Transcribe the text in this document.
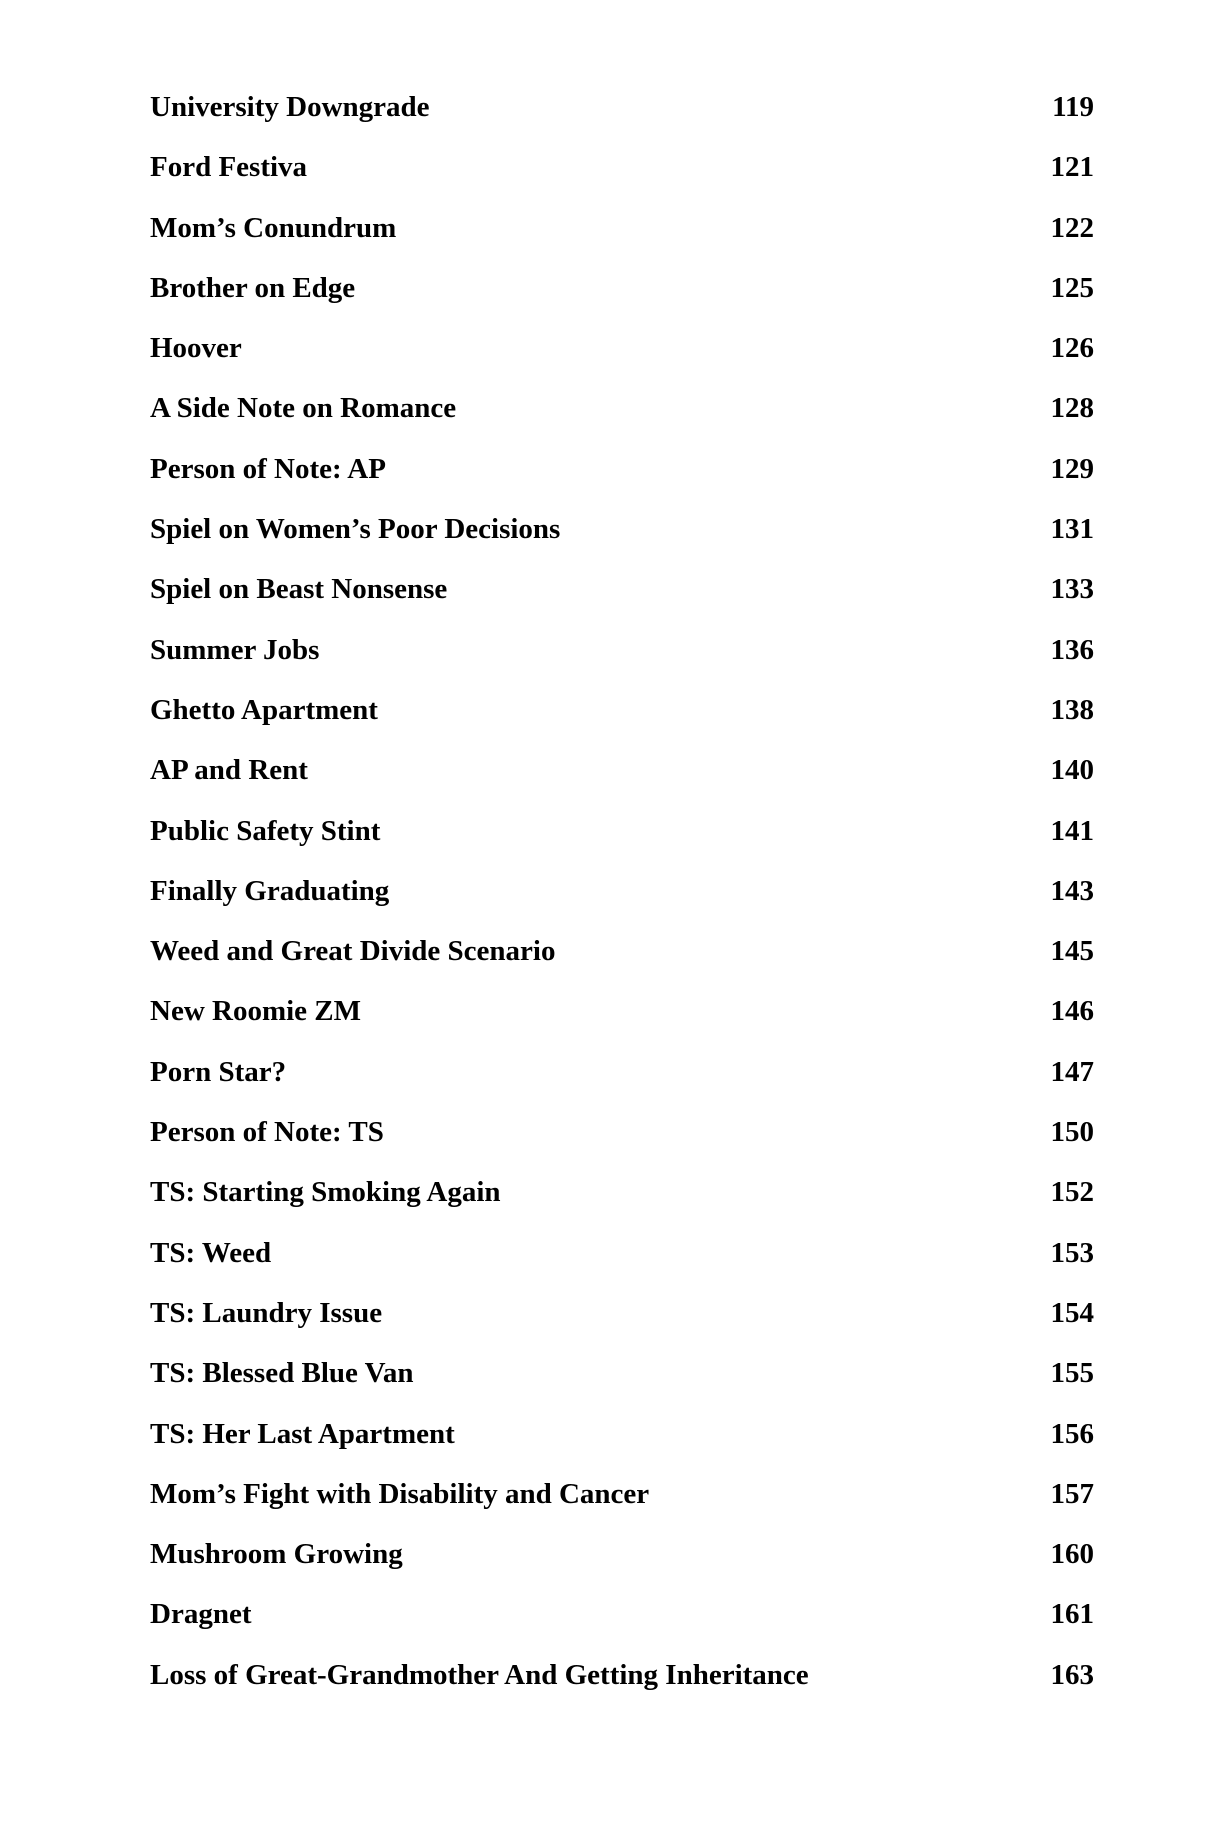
University Downgrade	119
Ford Festiva	121
Mom’s Conundrum	122
Brother on Edge	125
Hoover	126
A Side Note on Romance	128
Person of Note: AP	129
Spiel on Women’s Poor Decisions	131
Spiel on Beast Nonsense	133
Summer Jobs	136
Ghetto Apartment	138
AP and Rent	140
Public Safety Stint	141
Finally Graduating	143
Weed and Great Divide Scenario	145
New Roomie ZM	146
Porn Star?	147
Person of Note: TS	150
TS: Starting Smoking Again	152
TS: Weed	153
TS: Laundry Issue	154
TS: Blessed Blue Van	155
TS: Her Last Apartment	156
Mom’s Fight with Disability and Cancer	157
Mushroom Growing	160
Dragnet	161
Loss of Great-Grandmother And Getting Inheritance	163
